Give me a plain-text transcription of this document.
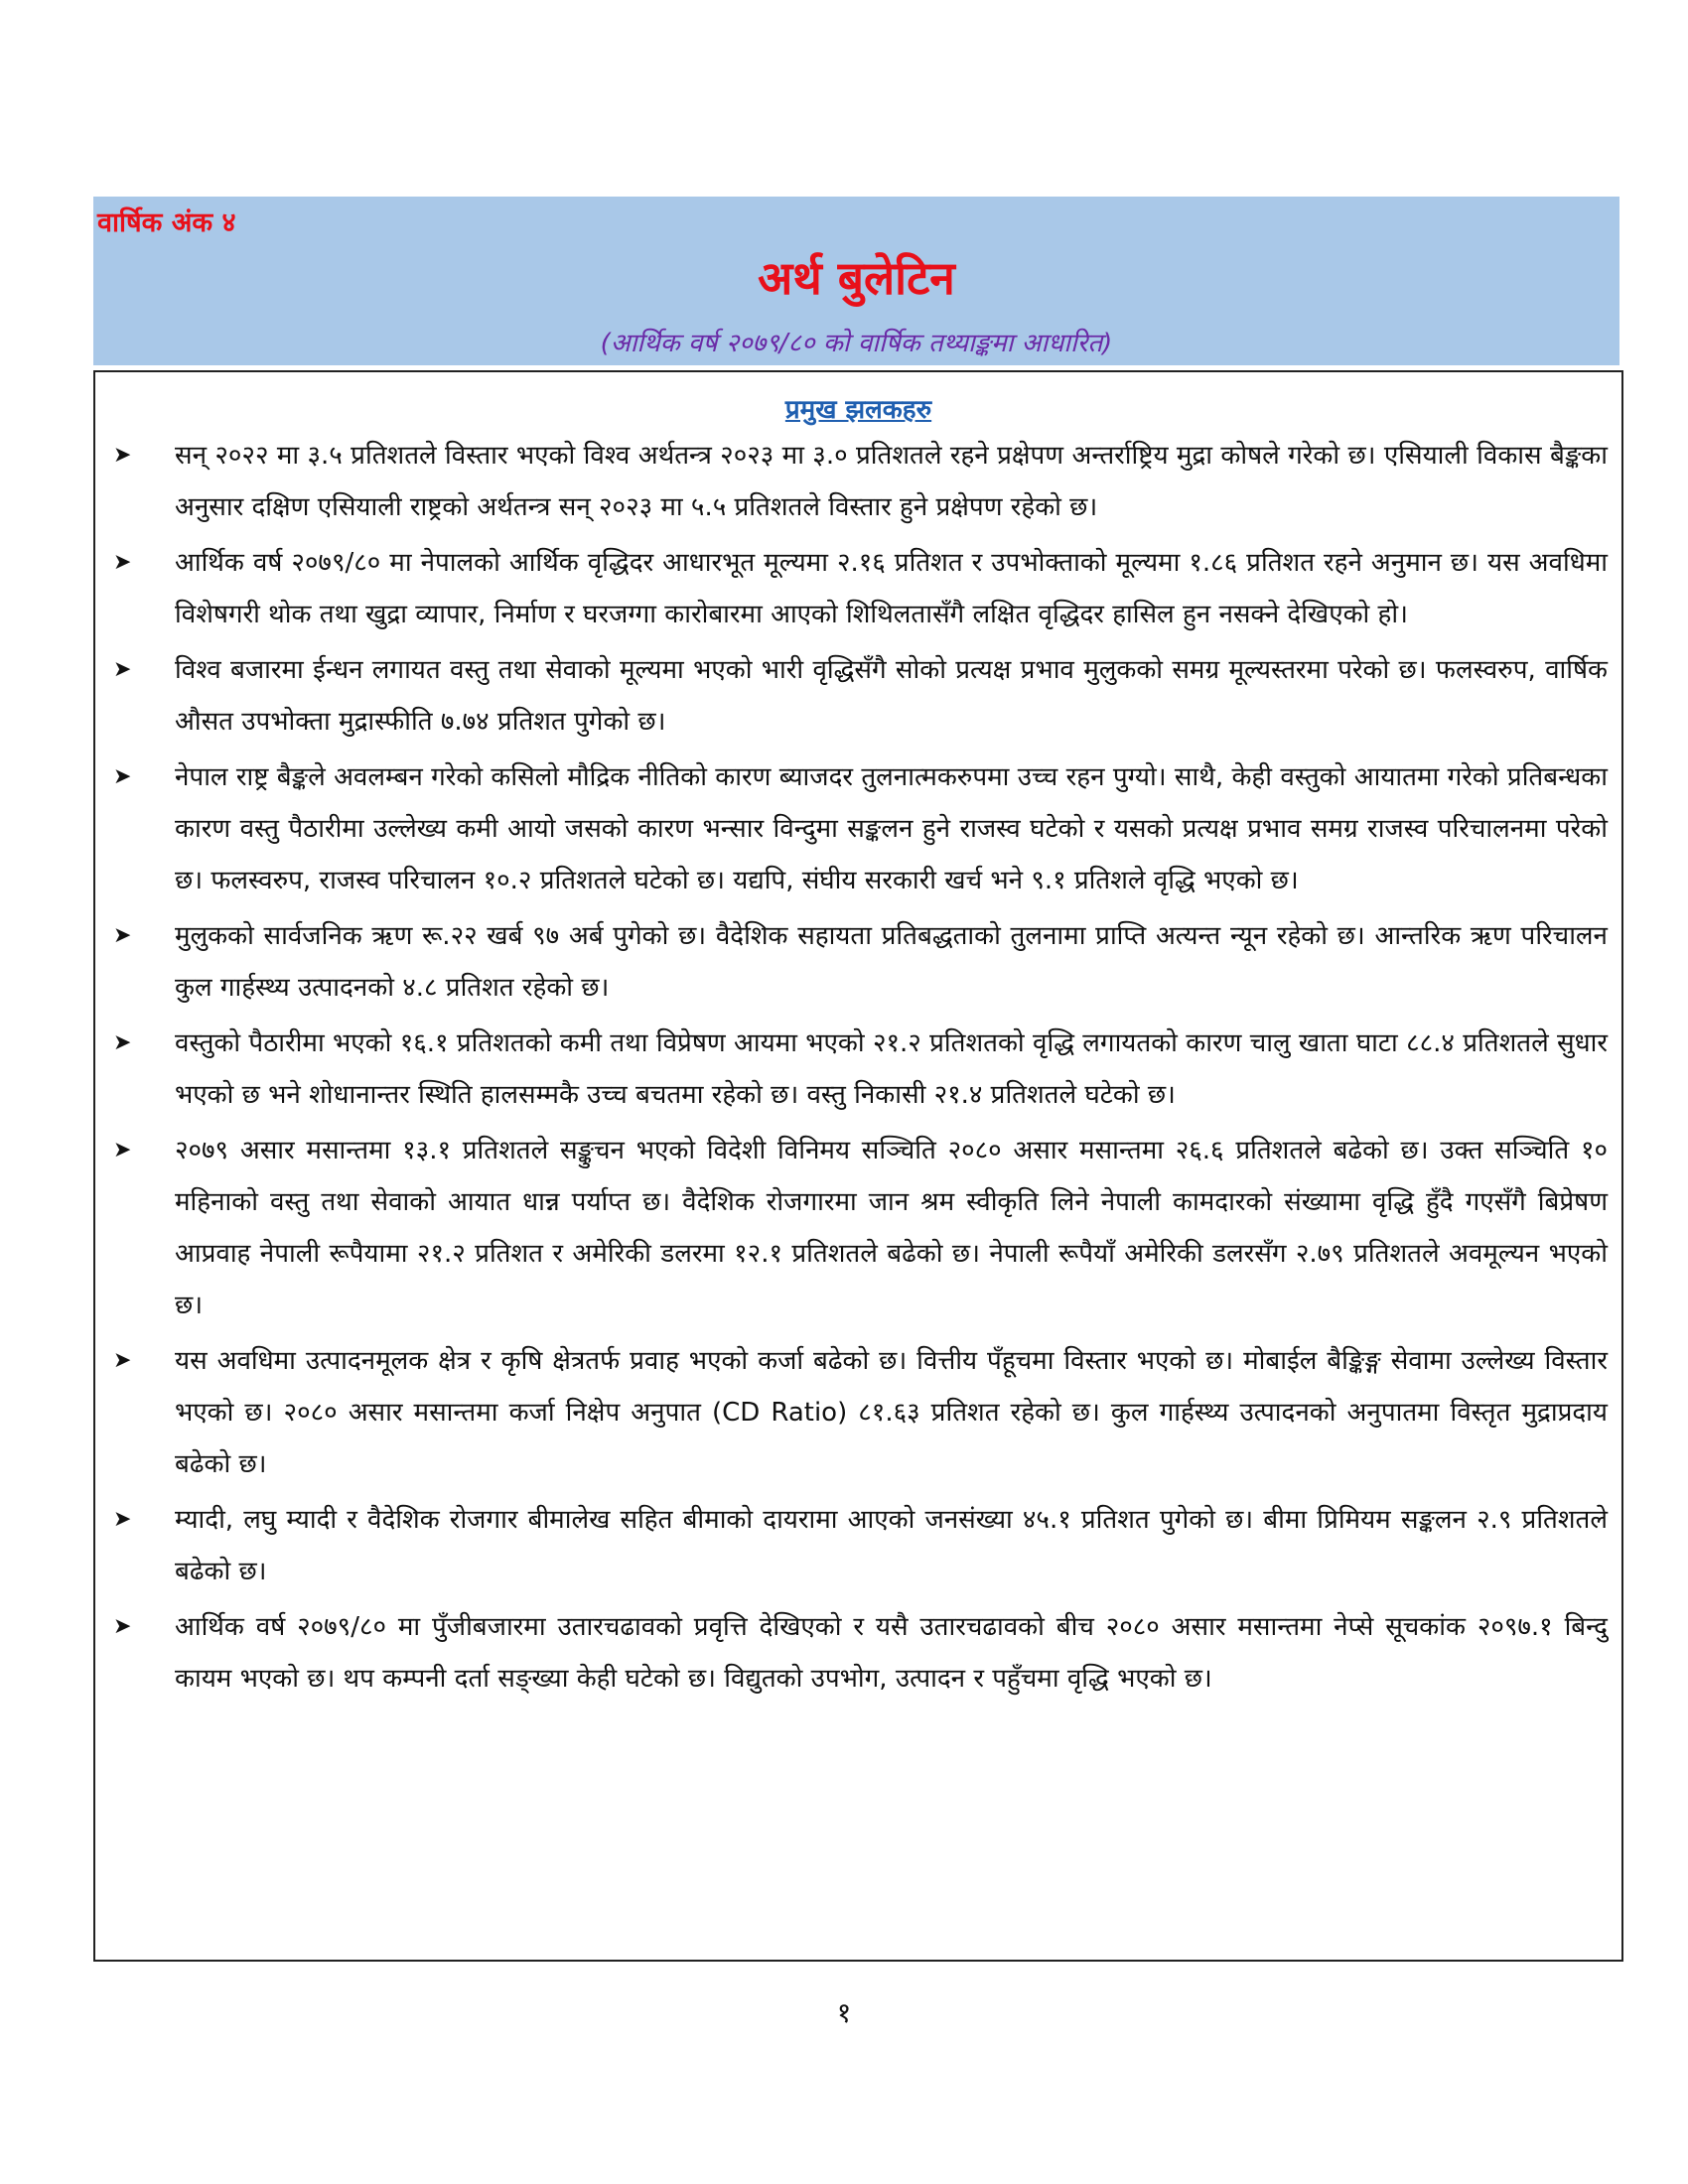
वार्षिक अंक ४
अर्थ बुलेटिन
(आर्थिक वर्ष २०७९/८० को वार्षिक तथ्याङ्कमा आधारित)
प्रमुख झलकहरु
➤	सन् २०२२ मा ३.५ प्रतिशतले विस्तार भएको विश्व अर्थतन्त्र २०२३ मा ३.० प्रतिशतले रहने प्रक्षेपण अन्तर्राष्ट्रिय मुद्रा कोषले गरेको छ। एसियाली विकास बैङ्कका अनुसार दक्षिण एसियाली राष्ट्रको अर्थतन्त्र सन् २०२३ मा ५.५ प्रतिशतले विस्तार हुने प्रक्षेपण रहेको छ।
➤	आर्थिक वर्ष २०७९/८० मा नेपालको आर्थिक वृद्धिदर आधारभूत मूल्यमा २.१६ प्रतिशत र उपभोक्ताको मूल्यमा १.८६ प्रतिशत रहने अनुमान छ। यस अवधिमा विशेषगरी थोक तथा खुद्रा व्यापार, निर्माण र घरजग्गा कारोबारमा आएको शिथिलतासँगै लक्षित वृद्धिदर हासिल हुन नसक्ने देखिएको हो।
➤	विश्व बजारमा ईन्धन लगायत वस्तु तथा सेवाको मूल्यमा भएको भारी वृद्धिसँगै सोको प्रत्यक्ष प्रभाव मुलुकको समग्र मूल्यस्तरमा परेको छ। फलस्वरुप, वार्षिक औसत उपभोक्ता मुद्रास्फीति ७.७४ प्रतिशत पुगेको छ।
➤	नेपाल राष्ट्र बैङ्कले अवलम्बन गरेको कसिलो मौद्रिक नीतिको कारण ब्याजदर तुलनात्मकरुपमा उच्च रहन पुग्यो। साथै, केही वस्तुको आयातमा गरेको प्रतिबन्धका कारण वस्तु पैठारीमा उल्लेख्य कमी आयो जसको कारण भन्सार विन्दुमा सङ्कलन हुने राजस्व घटेको र यसको प्रत्यक्ष प्रभाव समग्र राजस्व परिचालनमा परेको छ। फलस्वरुप, राजस्व परिचालन १०.२ प्रतिशतले घटेको छ। यद्यपि, संघीय सरकारी खर्च भने ९.१ प्रतिशले वृद्धि भएको छ।
➤	मुलुकको सार्वजनिक ऋण रू.२२ खर्ब ९७ अर्ब पुगेको छ। वैदेशिक सहायता प्रतिबद्धताको तुलनामा प्राप्ति अत्यन्त न्यून रहेको छ। आन्तरिक ऋण परिचालन कुल गार्हस्थ्य उत्पादनको ४.८ प्रतिशत रहेको छ।
➤	वस्तुको पैठारीमा भएको १६.१ प्रतिशतको कमी तथा विप्रेषण आयमा भएको २१.२ प्रतिशतको वृद्धि लगायतको कारण चालु खाता घाटा ८८.४ प्रतिशतले सुधार भएको छ भने शोधानान्तर स्थिति हालसम्मकै उच्च बचतमा रहेको छ। वस्तु निकासी २१.४ प्रतिशतले घटेको छ।
➤	२०७९ असार मसान्तमा १३.१ प्रतिशतले सङ्कुचन भएको विदेशी विनिमय सञ्चिति २०८० असार मसान्तमा २६.६ प्रतिशतले बढेको छ। उक्त सञ्चिति १० महिनाको वस्तु तथा सेवाको आयात धान्न पर्याप्त छ। वैदेशिक रोजगारमा जान श्रम स्वीकृति लिने नेपाली कामदारको संख्यामा वृद्धि हुँदै गएसँगै बिप्रेषण आप्रवाह नेपाली रूपैयामा २१.२ प्रतिशत र अमेरिकी डलरमा १२.१ प्रतिशतले बढेको छ। नेपाली रूपैयाँ अमेरिकी डलरसँग २.७९ प्रतिशतले अवमूल्यन भएको छ।
➤	यस अवधिमा उत्पादनमूलक क्षेत्र र कृषि क्षेत्रतर्फ प्रवाह भएको कर्जा बढेको छ। वित्तीय पँहूचमा विस्तार भएको छ। मोबाईल बैङ्किङ्ग सेवामा उल्लेख्य विस्तार भएको छ। २०८० असार मसान्तमा कर्जा निक्षेप अनुपात (CD Ratio) ८१.६३ प्रतिशत रहेको छ। कुल गार्हस्थ्य उत्पादनको अनुपातमा विस्तृत मुद्राप्रदाय बढेको छ।
➤	म्यादी, लघु म्यादी र वैदेशिक रोजगार बीमालेख सहित बीमाको दायरामा आएको जनसंख्या ४५.१ प्रतिशत पुगेको छ। बीमा प्रिमियम सङ्कलन २.९ प्रतिशतले बढेको छ।
➤	आर्थिक वर्ष २०७९/८० मा पुँजीबजारमा उतारचढावको प्रवृत्ति देखिएको र यसै उतारचढावको बीच २०८० असार मसान्तमा नेप्से सूचकांक २०९७.१ बिन्दु कायम भएको छ। थप कम्पनी दर्ता सङ्ख्या केही घटेको छ। विद्युतको उपभोग, उत्पादन र पहुँचमा वृद्धि भएको छ।
१
